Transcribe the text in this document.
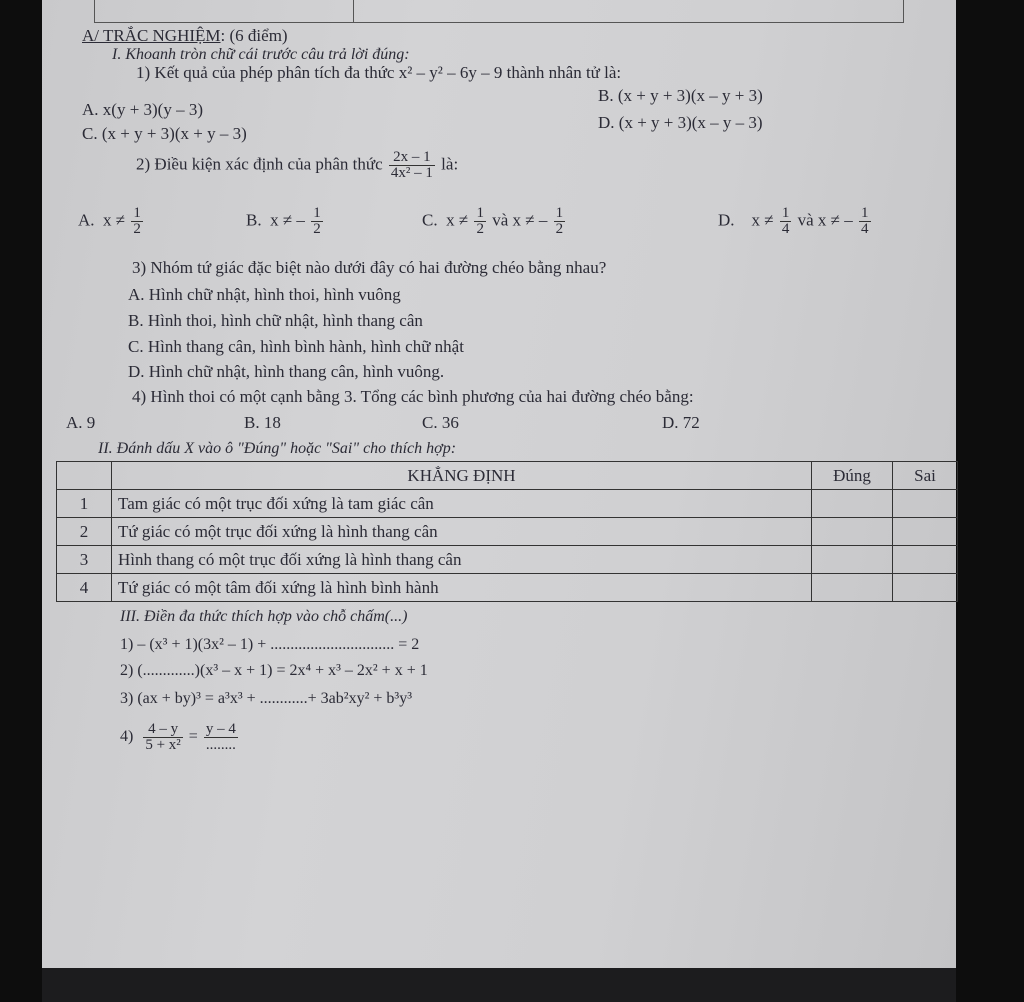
A/ TRẮC NGHIỆM: (6 điểm)
I. Khoanh tròn chữ cái trước câu trả lời đúng:
1) Kết quả của phép phân tích đa thức x² – y² – 6y – 9 thành nhân tử là:
A. x(y + 3)(y – 3)
B. (x + y + 3)(x – y + 3)
C. (x + y + 3)(x + y – 3)
D. (x + y + 3)(x – y – 3)
2) Điều kiện xác định của phân thức $\frac{2x - 1}{\text{4x² – 1}}$ là:
A. $x \ne \frac{1}{2}$	B. x ≠ – $\frac{1}{2}$	C. $x \ne \frac{1}{2}$ và x ≠ – $\frac{1}{2}$	D. $x \ne \frac{1}{4}$ và x ≠ – $\frac{1}{4}$
3) Nhóm tứ giác đặc biệt nào dưới đây có hai đường chéo bằng nhau?
A. Hình chữ nhật, hình thoi, hình vuông
B. Hình thoi, hình chữ nhật, hình thang cân
C. Hình thang cân, hình bình hành, hình chữ nhật
D. Hình chữ nhật, hình thang cân, hình vuông.
4) Hình thoi có một cạnh bằng 3. Tổng các bình phương của hai đường chéo bằng:
A. 9	B. 18	C. 36	D. 72
II. Đánh dấu X vào ô "Đúng" hoặc "Sai" cho thích hợp:
	KHẲNG ĐỊNH	Đúng	Sai
1	Tam giác có một trục đối xứng là tam giác cân		
2	Tứ giác có một trục đối xứng là hình thang cân		
3	Hình thang có một trục đối xứng là hình thang cân		
4	Tứ giác có một tâm đối xứng là hình bình hành		
III. Điền đa thức thích hợp vào chỗ chấm(...)
1) – (x³ + 1)(3x² – 1) + ............................... = 2
2) (.............)(x³ – x + 1) = 2x⁴ + x³ – 2x² + x + 1
3) (ax + by)³ = a³x³ + ............+ 3ab²xy² + b³y³
$4) \frac{4 - y}{\text{5 + x²}} = \frac{y - 4}{........}$
